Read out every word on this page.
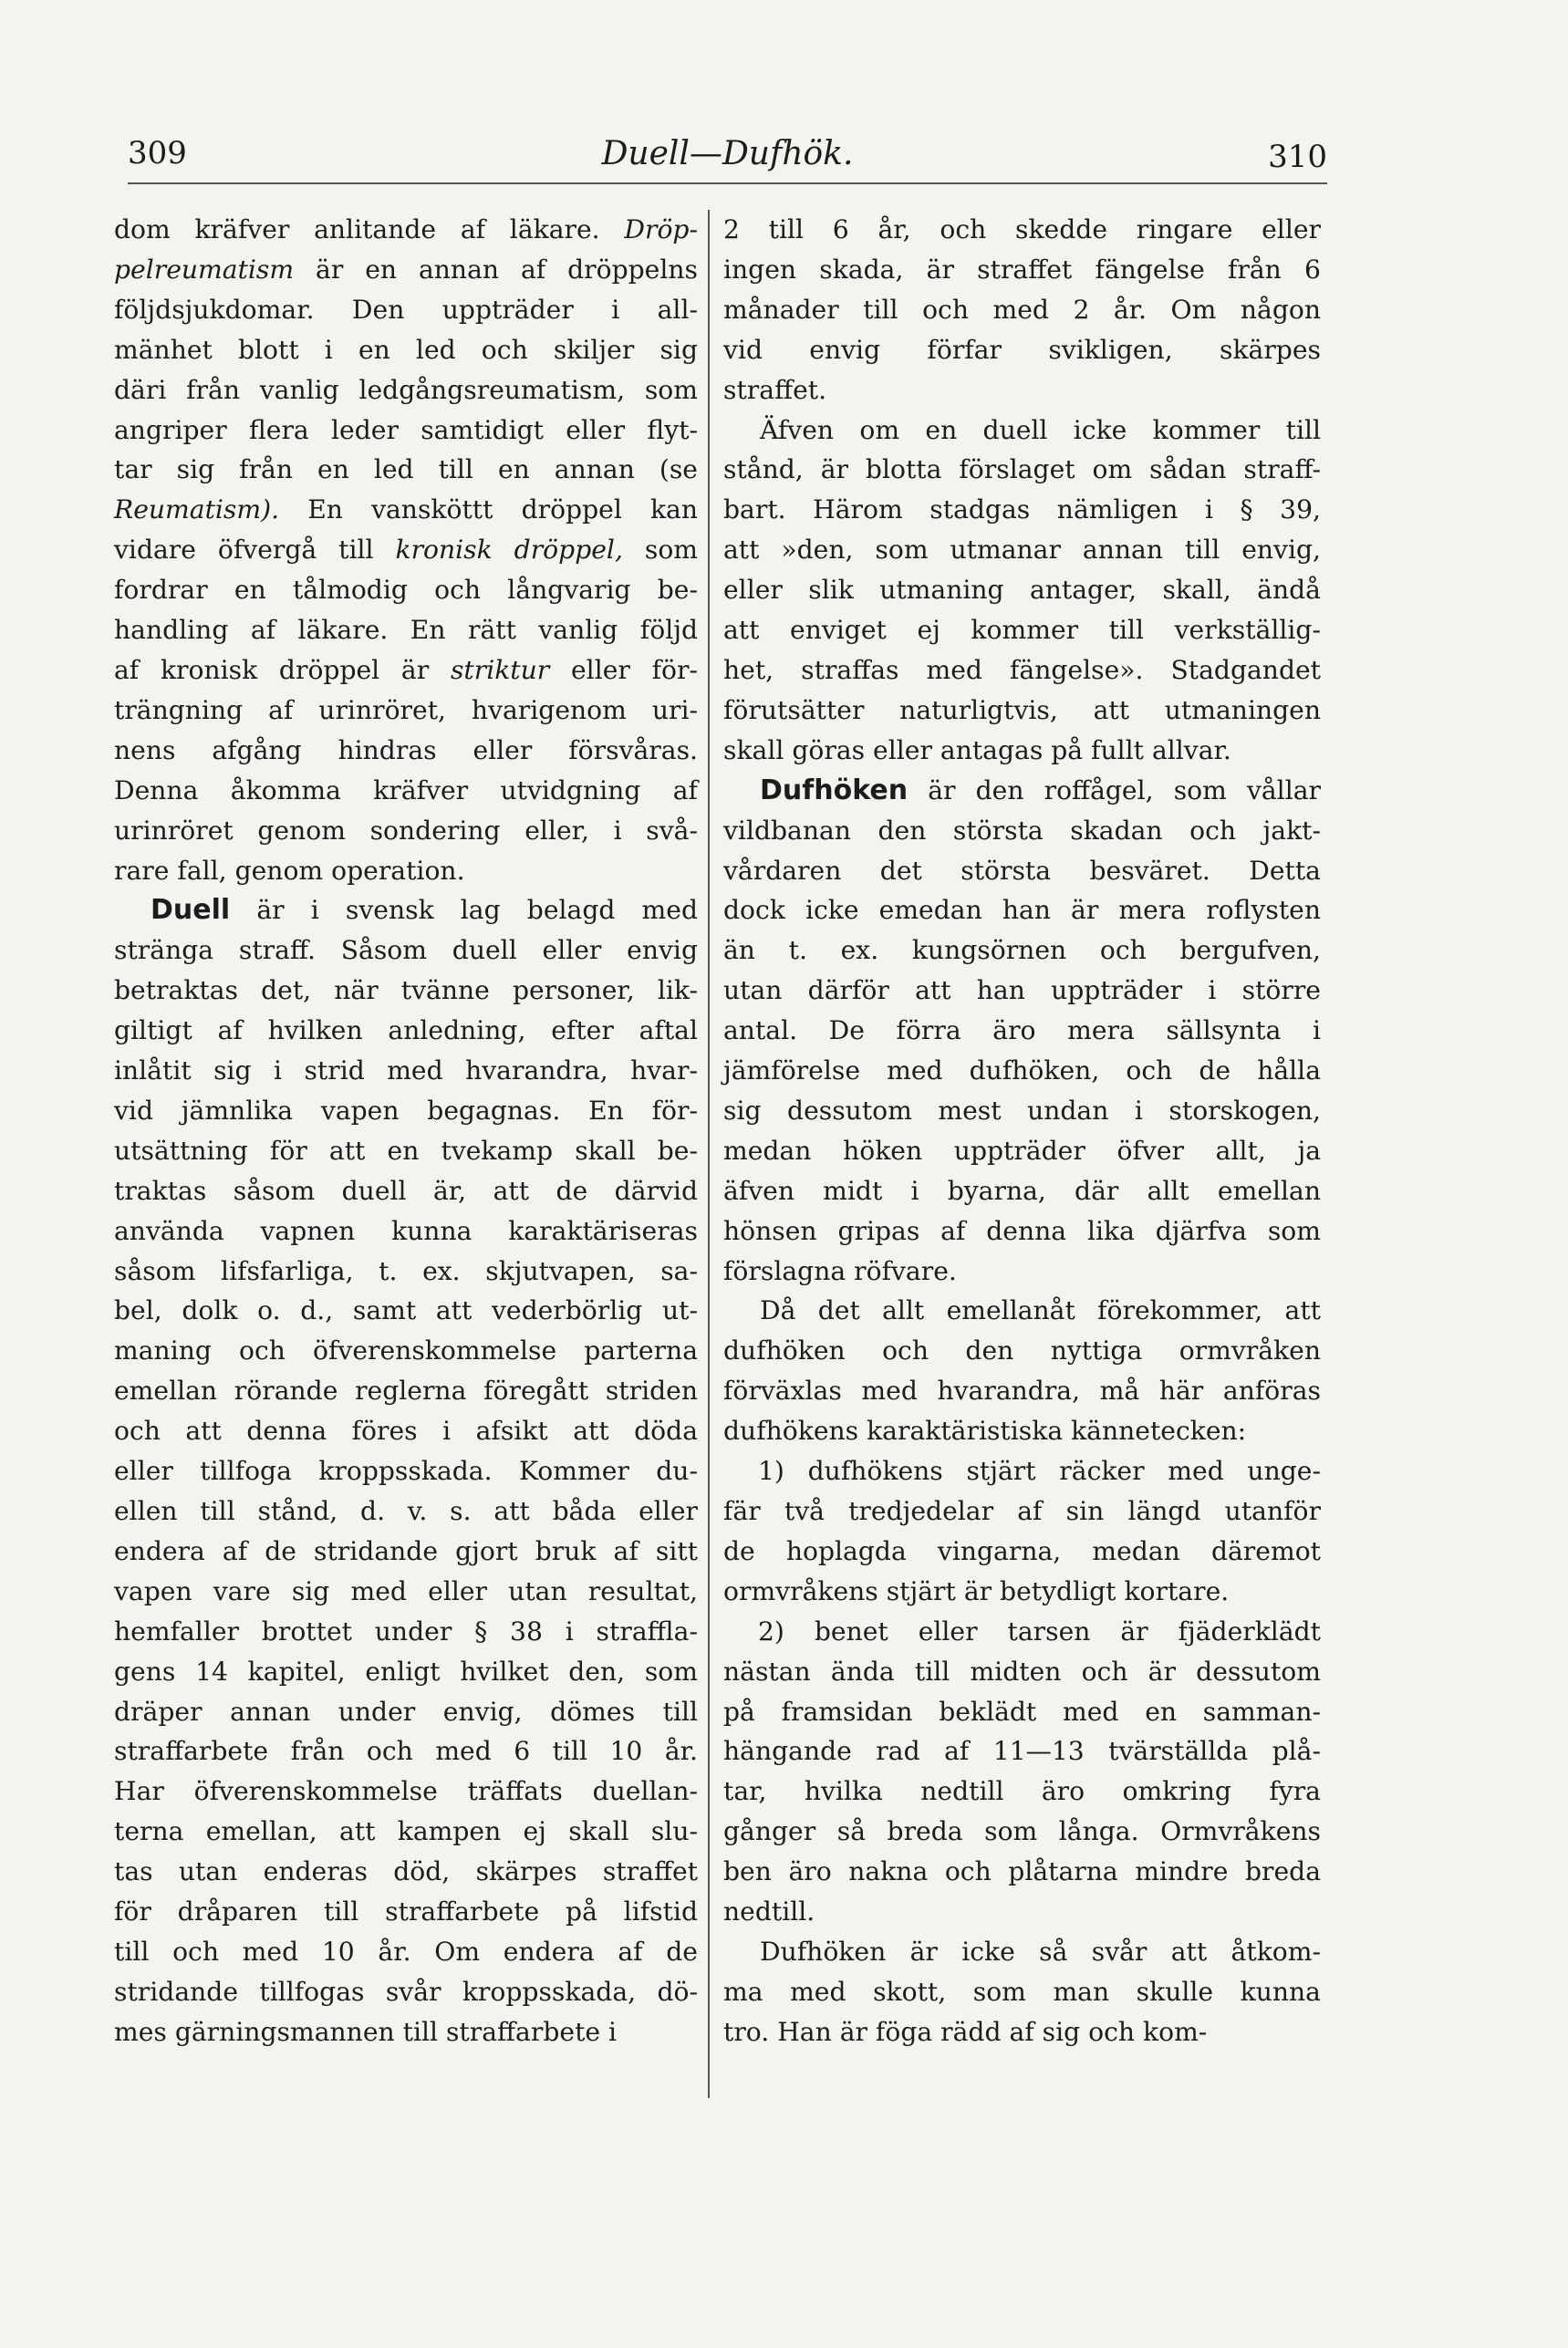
309	Duell—Dufhök.	310
dom kräfver anlitande af läkare. Dröp-
pelreumatism är en annan af dröppelns
följdsjukdomar. Den uppträder i all-
mänhet blott i en led och skiljer sig
däri från vanlig ledgångsreumatism, som
angriper flera leder samtidigt eller flyt-
tar sig från en led till en annan (se
Reumatism). En vansköttt dröppel kan
vidare öfvergå till kronisk dröppel, som
fordrar en tålmodig och långvarig be-
handling af läkare. En rätt vanlig följd
af kronisk dröppel är striktur eller för-
trängning af urinröret, hvarigenom uri-
nens afgång hindras eller försvåras.
Denna åkomma kräfver utvidgning af
urinröret genom sondering eller, i svå-
rare fall, genom operation.
Duell är i svensk lag belagd med
stränga straff. Såsom duell eller envig
betraktas det, när tvänne personer, lik-
giltigt af hvilken anledning, efter aftal
inlåtit sig i strid med hvarandra, hvar-
vid jämnlika vapen begagnas. En för-
utsättning för att en tvekamp skall be-
traktas såsom duell är, att de därvid
använda vapnen kunna karaktäriseras
såsom lifsfarliga, t. ex. skjutvapen, sa-
bel, dolk o. d., samt att vederbörlig ut-
maning och öfverenskommelse parterna
emellan rörande reglerna föregått striden
och att denna föres i afsikt att döda
eller tillfoga kroppsskada. Kommer du-
ellen till stånd, d. v. s. att båda eller
endera af de stridande gjort bruk af sitt
vapen vare sig med eller utan resultat,
hemfaller brottet under § 38 i straffla-
gens 14 kapitel, enligt hvilket den, som
dräper annan under envig, dömes till
straffarbete från och med 6 till 10 år.
Har öfverenskommelse träffats duellan-
terna emellan, att kampen ej skall slu-
tas utan enderas död, skärpes straffet
för dråparen till straffarbete på lifstid
till och med 10 år. Om endera af de
stridande tillfogas svår kroppsskada, dö-
mes gärningsmannen till straffarbete i
2 till 6 år, och skedde ringare eller
ingen skada, är straffet fängelse från 6
månader till och med 2 år. Om någon
vid envig förfar svikligen, skärpes
straffet.
Äfven om en duell icke kommer till
stånd, är blotta förslaget om sådan straff-
bart. Härom stadgas nämligen i § 39,
att »den, som utmanar annan till envig,
eller slik utmaning antager, skall, ändå
att enviget ej kommer till verkställig-
het, straffas med fängelse». Stadgandet
förutsätter naturligtvis, att utmaningen
skall göras eller antagas på fullt allvar.
Dufhöken är den roffågel, som vållar
vildbanan den största skadan och jakt-
vårdaren det största besväret. Detta
dock icke emedan han är mera roflysten
än t. ex. kungsörnen och bergufven,
utan därför att han uppträder i större
antal. De förra äro mera sällsynta i
jämförelse med dufhöken, och de hålla
sig dessutom mest undan i storskogen,
medan höken uppträder öfver allt, ja
äfven midt i byarna, där allt emellan
hönsen gripas af denna lika djärfva som
förslagna röfvare.
Då det allt emellanåt förekommer, att
dufhöken och den nyttiga ormvråken
förväxlas med hvarandra, må här anföras
dufhökens karaktäristiska kännetecken:
1) dufhökens stjärt räcker med unge-
fär två tredjedelar af sin längd utanför
de hoplagda vingarna, medan däremot
ormvråkens stjärt är betydligt kortare.
2) benet eller tarsen är fjäderklädt
nästan ända till midten och är dessutom
på framsidan beklädt med en samman-
hängande rad af 11—13 tvärställda plå-
tar, hvilka nedtill äro omkring fyra
gånger så breda som långa. Ormvråkens
ben äro nakna och plåtarna mindre breda
nedtill.
Dufhöken är icke så svår att åtkom-
ma med skott, som man skulle kunna
tro. Han är föga rädd af sig och kom-
